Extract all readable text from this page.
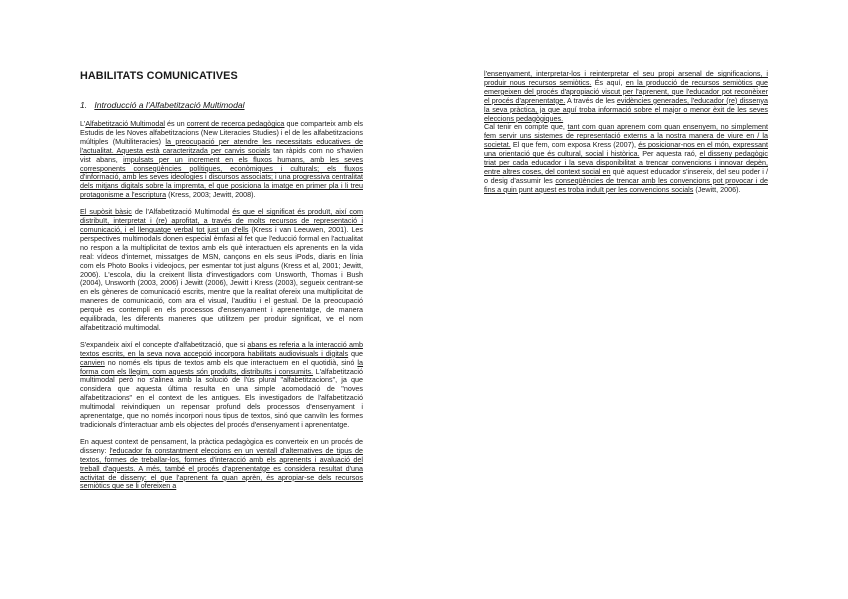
HABILITATS COMUNICATIVES
1. Introducció a l'Alfabetització Multimodal

L'Alfabetització Multimodal és un corrent de recerca pedagògica que comparteix amb els Estudis de les Noves alfabetitzacions (New Literacies Studies) i el de les alfabetitzacions múltiples (Multiliteracies) la preocupació per atendre les necessitats educatives de l'actualitat. Aquesta està caracteritzada per canvis socials tan ràpids com no s'havien vist abans, impulsats per un increment en els fluxos humans, amb les seves corresponents conseqüències polítiques, econòmiques i culturals; els fluxos d'informació, amb les seves ideologies i discursos associats; i una progressiva centralitat dels mitjans digitals sobre la impremta, el que posiciona la imatge en primer pla i li treu protagonisme a l'escriptura (Kress, 2003; Jewitt, 2008).

El supòsit bàsic de l'Alfabetització Multimodal és que el significat és produït, així com distribuït, interpretat i (re) aprofitat, a través de molts recursos de representació i comunicació, i el llenguatge verbal tot just un d'ells (Kress i van Leeuwen, 2001). Les perspectives multimodals donen especial èmfasi al fet que l'educció formal en l'actualitat no respon a la multiplicitat de textos amb els què interactuen els aprenents en la vida real: vídeos d'internet, missatges de MSN, cançons en els seus iPods, diaris en línia com els Photo Books i videojocs, per esmentar tot just alguns (Kress et al, 2001; Jewitt, 2006). L'escola, diu la creixent llista d'investigadors com Unsworth, Thomas i Bush (2004), Unsworth (2003, 2006) i Jewitt (2006), Jewitt i Kress (2003), segueix centrant-se en els gèneres de comunicació escrits, mentre que la realitat ofereix una multiplicitat de maneres de comunicació, com ara el visual, l'auditiu i el gestual. De la preocupació perquè es contempli en els processos d'ensenyament i aprenentatge, de manera equilibrada, les diferents maneres que utilitzem per produir significat, ve el nom alfabetització multimodal.

S'expandeix així el concepte d'alfabetització, que si abans es referia a la interacció amb textos escrits, en la seva nova accepció incorpora habilitats audiovisuals i digitals que canvien no només els tipus de textos amb els que interactuem en el quotidià, sinó la forma com els llegim, com aquests són produïts, distribuïts i consumits. L'alfabetització multimodal però no s'alinea amb la solució de l'ús plural "alfabetitzacions", ja que considera que aquesta última resulta en una simple acomodació de "noves alfabetitzacions" en el context de les antigues. Els investigadors de l'alfabetització multimodal reivindiquen un repensar profund dels processos d'ensenyament i aprenentatge, que no només incorpori nous tipus de textos, sinó que canviïn les formes tradicionals d'interactuar amb els objectes del procés d'ensenyament i aprenentatge.

En aquest context de pensament, la pràctica pedagògica es converteix en un procés de disseny: l'educador fa constantment eleccions en un ventall d'alternatives de tipus de textos, formes de treballar-los, formes d'interacció amb els aprenents i avaluació del treball d'aquests. A més, també el procés d'aprenentatge es considera resultat d'una activitat de disseny: el que l'aprenent fa quan aprèn, és apropiar-se dels recursos semiòtics que se li ofereixen a

l'ensenyament, interpretar-los i reinterpretar el seu propi arsenal de significacions, i produir nous recursos semiòtics. És aquí, en la producció de recursos semiòtics que emergeixen del procés d'apropiació viscut per l'aprenent, que l'educador pot reconèixer el procés d'aprenentatge. A través de les evidències generades, l'educador (re) dissenya la seva pràctica, ja que aquí troba informació sobre el major o menor èxit de les seves eleccions pedagògiques.

Cal tenir en compte que, tant com quan aprenem com quan ensenyem, no simplement fem servir uns sistemes de representació externs a la nostra manera de viure en / la societat. El que fem, com exposa Kress (2007), és posicionar-nos en el món, expressant una orientació que és cultural, social i històrica. Per aquesta raó, el disseny pedagògic triat per cada educador i la seva disponibilitat a trencar convencions i innovar depèn, entre altres coses, del context social en què aquest educador s'insereix, del seu poder i / o desig d'assumir les conseqüències de trencar amb les convencions pot provocar i de fins a quin punt aquest es troba induït per les convencions socials (Jewitt, 2006).
